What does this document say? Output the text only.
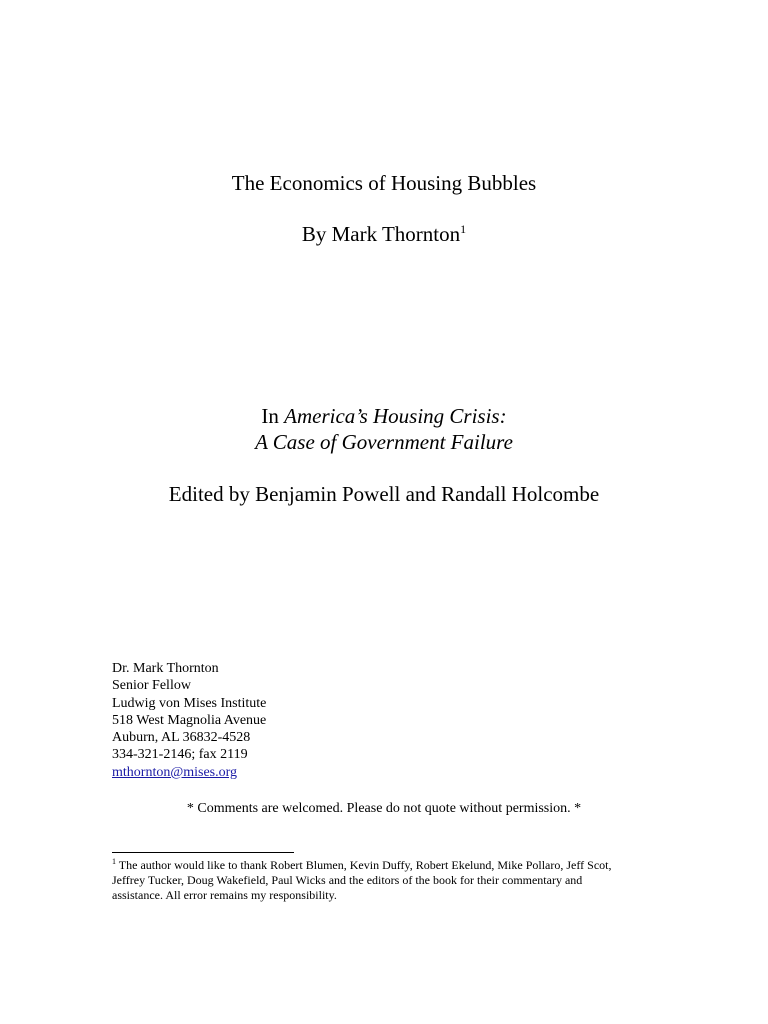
The Economics of Housing Bubbles
By Mark Thornton$^1$
In America’s Housing Crisis:
A Case of Government Failure
Edited by Benjamin Powell and Randall Holcombe
Dr. Mark Thornton
Senior Fellow
Ludwig von Mises Institute
518 West Magnolia Avenue
Auburn, AL 36832-4528
334-321-2146; fax 2119
mthornton@mises.org
* Comments are welcomed. Please do not quote without permission. *
$^1$ The author would like to thank Robert Blumen, Kevin Duffy, Robert Ekelund, Mike Pollaro, Jeff Scot,
Jeffrey Tucker, Doug Wakefield, Paul Wicks and the editors of the book for their commentary and
assistance. All error remains my responsibility.
